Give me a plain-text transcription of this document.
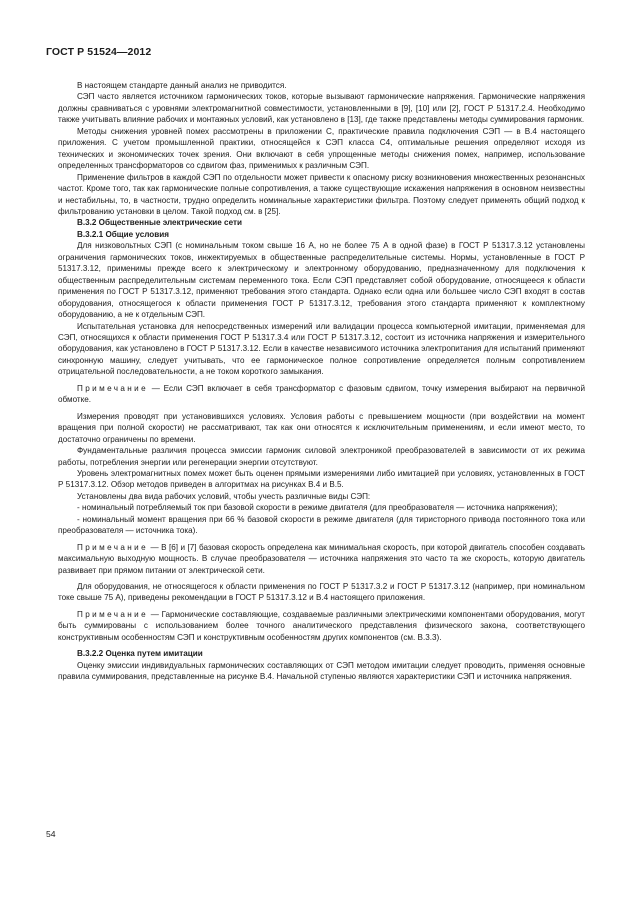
ГОСТ Р 51524—2012

В настоящем стандарте данный анализ не приводится.

СЭП часто является источником гармонических токов, которые вызывают гармонические напряжения. Гармонические напряжения должны сравниваться с уровнями электромагнитной совместимости, установленными в [9], [10] или [2], ГОСТ Р 51317.2.4. Необходимо также учитывать влияние рабочих и монтажных условий, как установлено в [13], где также представлены методы суммирования гармоник.

Методы снижения уровней помех рассмотрены в приложении С, практические правила подключения СЭП — в В.4 настоящего приложения. С учетом промышленной практики, относящейся к СЭП класса С4, оптимальные решения определяют исходя из технических и экономических точек зрения. Они включают в себя упрощенные методы снижения помех, например, использование определенных трансформаторов со сдвигом фаз, применимых к различным СЭП.

Применение фильтров в каждой СЭП по отдельности может привести к опасному риску возникновения множественных резонансных частот. Кроме того, так как гармонические полные сопротивления, а также существующие искажения напряжения в основном неизвестны и нестабильны, то, в частности, трудно определить номинальные характеристики фильтра. Поэтому следует применять общий подход к фильтрованию установки в целом. Такой подход см. в [25].

В.3.2 Общественные электрические сети

В.3.2.1 Общие условия

Для низковольтных СЭП (с номинальным током свыше 16 А, но не более 75 А в одной фазе) в ГОСТ Р 51317.3.12 установлены ограничения гармонических токов, инжектируемых в общественные распределительные системы. Нормы, установленные в ГОСТ Р 51317.3.12, применимы прежде всего к электрическому и электронному оборудованию, предназначенному для подключения к общественным распределительным системам переменного тока. Если СЭП представляет собой оборудование, относящееся к области применения по ГОСТ Р 51317.3.12, применяют требования этого стандарта. Однако если одна или большее число СЭП входят в состав оборудования, относящегося к области применения ГОСТ Р 51317.3.12, требования этого стандарта применяют к комплектному оборудованию, а не к отдельным СЭП.

Испытательная установка для непосредственных измерений или валидации процесса компьютерной имитации, применяемая для СЭП, относящихся к области применения ГОСТ Р 51317.3.4 или ГОСТ Р 51317.3.12, состоит из источника напряжения и измерительного оборудования, как установлено в ГОСТ Р 51317.3.12. Если в качестве независимого источника электропитания для испытаний применяют синхронную машину, следует учитывать, что ее гармоническое полное сопротивление определяется полным сопротивлением отрицательной последовательности, а не током короткого замыкания.

Примечание — Если СЭП включает в себя трансформатор с фазовым сдвигом, точку измерения выбирают на первичной обмотке.

Измерения проводят при установившихся условиях. Условия работы с превышением мощности (при воздействии на момент вращения при полной скорости) не рассматривают, так как они относятся к исключительным применениям, и если имеют место, то достаточно ограничены по времени.

Фундаментальные различия процесса эмиссии гармоник силовой электроникой преобразователей в зависимости от их режима работы, потребления энергии или регенерации энергии отсутствуют.

Уровень электромагнитных помех может быть оценен прямыми измерениями либо имитацией при условиях, установленных в ГОСТ Р 51317.3.12. Обзор методов приведен в алгоритмах на рисунках В.4 и В.5.

Установлены два вида рабочих условий, чтобы учесть различные виды СЭП:

- номинальный потребляемый ток при базовой скорости в режиме двигателя (для преобразователя — источника напряжения);

- номинальный момент вращения при 66 % базовой скорости в режиме двигателя (для тиристорного привода постоянного тока или преобразователя — источника тока).

Примечание — В [6] и [7] базовая скорость определена как минимальная скорость, при которой двигатель способен создавать максимальную выходную мощность. В случае преобразователя — источника напряжения это часто та же скорость, которую двигатель развивает при прямом питании от электрической сети.

Для оборудования, не относящегося к области применения по ГОСТ Р 51317.3.2 и ГОСТ Р 51317.3.12 (например, при номинальном токе свыше 75 А), приведены рекомендации в ГОСТ Р 51317.3.12 и В.4 настоящего приложения.

Примечание — Гармонические составляющие, создаваемые различными электрическими компонентами оборудования, могут быть суммированы с использованием более точного аналитического представления физического закона, соответствующего конструктивным особенностям СЭП и конструктивным особенностям других компонентов (см. В.3.3).

В.3.2.2 Оценка путем имитации

Оценку эмиссии индивидуальных гармонических составляющих от СЭП методом имитации следует проводить, применяя основные правила суммирования, представленные на рисунке В.4. Начальной ступенью являются характеристики СЭП и источника напряжения.

54
